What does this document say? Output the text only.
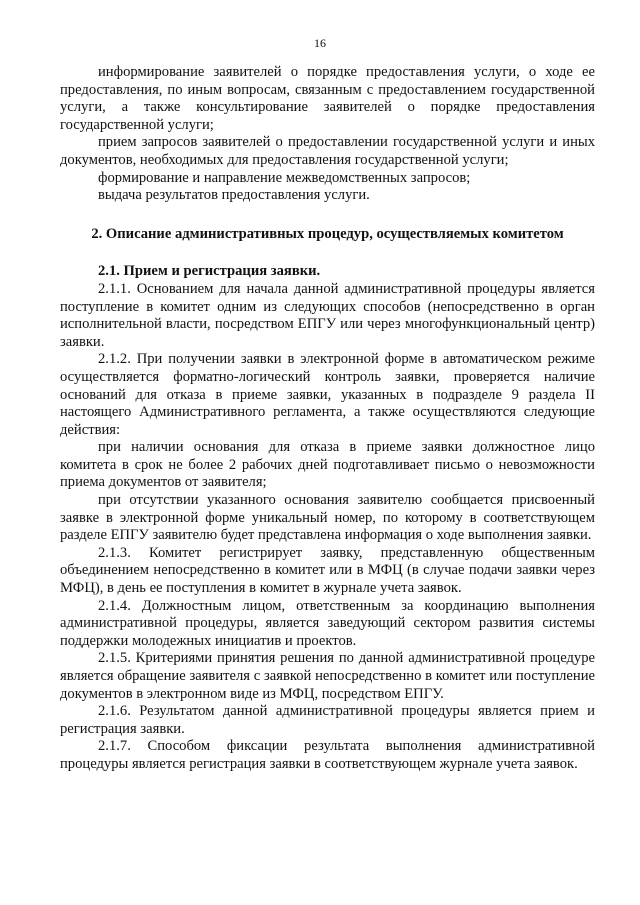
16

информирование заявителей о порядке предоставления услуги, о ходе ее предоставления, по иным вопросам, связанным с предоставлением государственной услуги, а также консультирование заявителей о порядке предоставления государственной услуги;

прием запросов заявителей о предоставлении государственной услуги и иных документов, необходимых для предоставления государственной услуги;

формирование и направление межведомственных запросов;

выдача результатов предоставления услуги.

2. Описание административных процедур, осуществляемых комитетом

2.1. Прием и регистрация заявки.

2.1.1. Основанием для начала данной административной процедуры является поступление в комитет одним из следующих способов (непосредственно в орган исполнительной власти, посредством ЕПГУ или через многофункциональный центр) заявки.

2.1.2. При получении заявки в электронной форме в автоматическом режиме осуществляется форматно-логический контроль заявки, проверяется наличие оснований для отказа в приеме заявки, указанных в подразделе 9 раздела II настоящего Административного регламента, а также осуществляются следующие действия:

при наличии основания для отказа в приеме заявки должностное лицо комитета в срок не более 2 рабочих дней подготавливает письмо о невозможности приема документов от заявителя;

при отсутствии указанного основания заявителю сообщается присвоенный заявке в электронной форме уникальный номер, по которому в соответствующем разделе ЕПГУ заявителю будет представлена информация о ходе выполнения заявки.

2.1.3. Комитет регистрирует заявку, представленную общественным объединением непосредственно в комитет или в МФЦ (в случае подачи заявки через МФЦ), в день ее поступления в комитет в журнале учета заявок.

2.1.4. Должностным лицом, ответственным за координацию выполнения административной процедуры, является заведующий сектором развития системы поддержки молодежных инициатив и проектов.

2.1.5. Критериями принятия решения по данной административной процедуре является обращение заявителя с заявкой непосредственно в комитет или поступление документов в электронном виде из МФЦ, посредством ЕПГУ.

2.1.6. Результатом данной административной процедуры является прием и регистрация заявки.

2.1.7. Способом фиксации результата выполнения административной процедуры является регистрация заявки в соответствующем журнале учета заявок.
